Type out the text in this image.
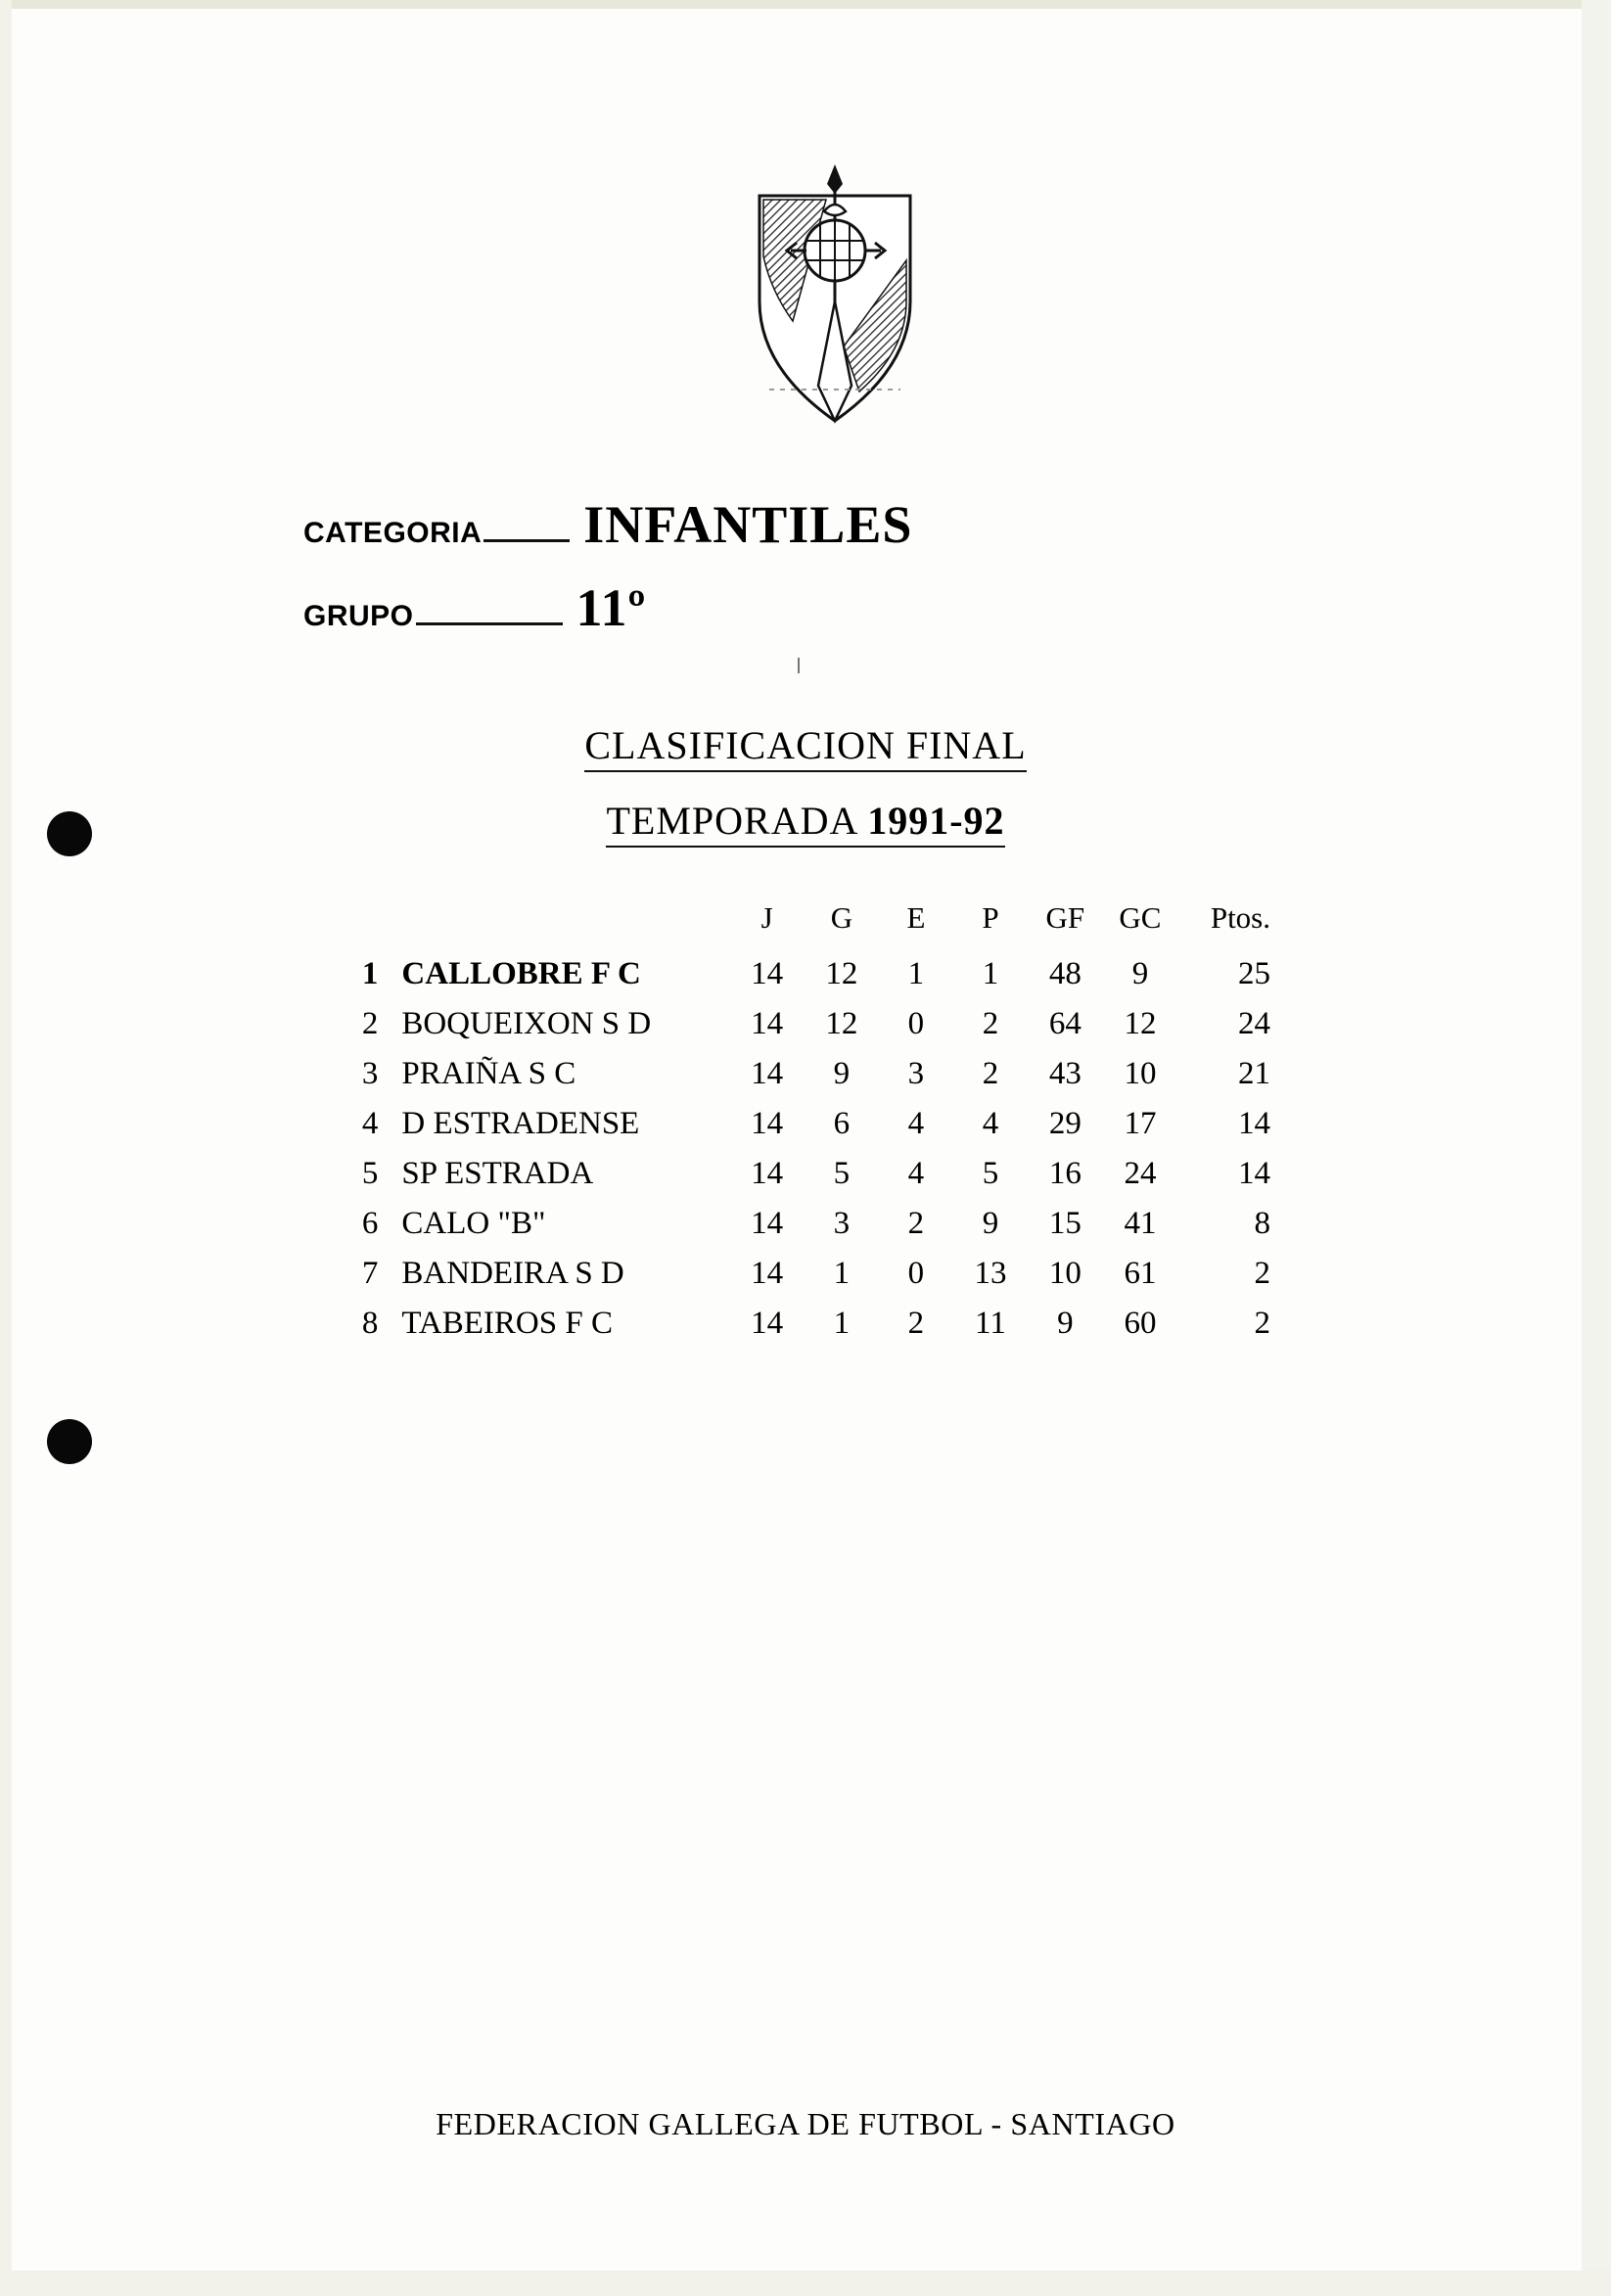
CATEGORIA INFANTILES
GRUPO	11º
CLASIFICACION FINAL
TEMPORADA 1991-92
		J	G	E	P	GF	GC	Ptos.
1	CALLOBRE F C	14	12	1	1	48	9	25
2	BOQUEIXON S D	14	12	0	2	64	12	24
3	PRAIÑA S C	14	9	3	2	43	10	21
4	D ESTRADENSE	14	6	4	4	29	17	14
5	SP ESTRADA	14	5	4	5	16	24	14
6	CALO "B"	14	3	2	9	15	41	8
7	BANDEIRA S D	14	1	0	13	10	61	2
8	TABEIROS F C	14	1	2	11	9	60	2
FEDERACION GALLEGA DE FUTBOL - SANTIAGO
